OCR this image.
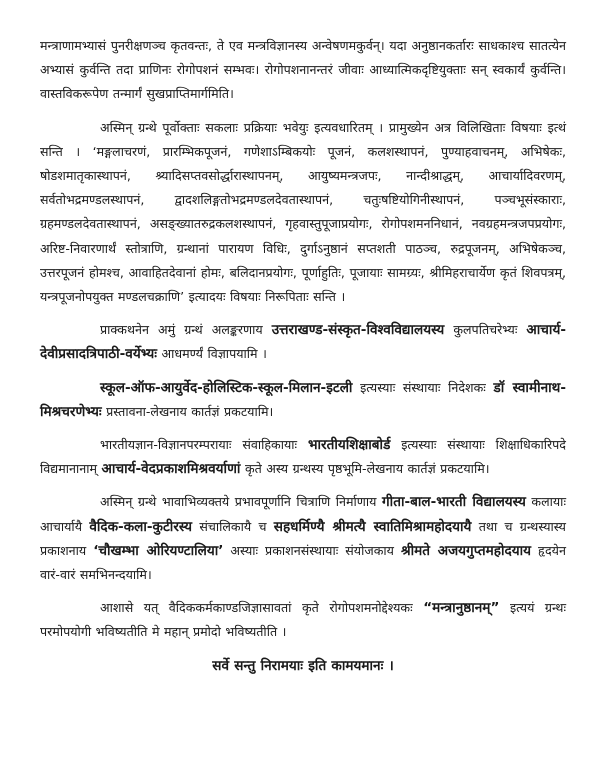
मन्त्राणामभ्यासं पुनरीक्षणञ्च कृतवन्तः, ते एव मन्त्रविज्ञानस्य अन्वेषणमकुर्वन्। यदा अनुष्ठानकर्तारः साधकाश्च सातत्येन अभ्यासं कुर्वन्ति तदा प्राणिनः रोगोपशनं सम्भवः। रोगोपशनानन्तरं जीवाः आध्यात्मिकदृष्टियुक्ताः सन् स्वकार्यं कुर्वन्ति। वास्तविकरूपेण तन्मार्गं सुखप्राप्तिमार्गमिति।

अस्मिन् ग्रन्थे पूर्वोक्ताः सकलाः प्रक्रियाः भवेयुः इत्यवधारितम् । प्रामुख्येन अत्र विलिखिताः विषयाः इत्थं सन्ति । ‘मङ्गलाचरणं, प्रारम्भिकपूजनं, गणेशाऽम्बिकयोः पूजनं, कलशस्थापनं, पुण्याहवाचनम्, अभिषेकः, षोडशमातृकास्थापनं, श्र्यादिसप्तवसोर्द्धारास्थापनम्, आयुष्यमन्त्रजपः, नान्दीश्राद्धम्, आचार्यादिवरणम्, सर्वतोभद्रमण्डलस्थापनं, द्वादशलिङ्गतोभद्रमण्डलदेवतास्थापनं, चतुःषष्टियोगिनीस्थापनं, पञ्चभूसंस्काराः, ग्रहमण्डलदेवतास्थापनं, असङ्ख्यातरुद्रकलशस्थापनं, गृहवास्तुपूजाप्रयोगः, रोगोपशमननिधानं, नवग्रहमन्त्रजपप्रयोगः, अरिष्ट-निवारणार्थं स्तोत्राणि, ग्रन्थानां पारायण विधिः, दुर्गाऽनुष्ठानं सप्तशती पाठञ्च, रुद्रपूजनम्, अभिषेकञ्च, उत्तरपूजनं होमश्च, आवाहितदेवानां होमः, बलिदानप्रयोगः, पूर्णाहुतिः, पूजायाः सामग्र्यः, श्रीमिहराचार्येण कृतं शिवपत्रम्, यन्त्रपूजनोपयुक्त मण्डलचक्राणि’ इत्यादयः विषयाः निरूपिताः सन्ति ।

प्राक्कथनेन अमुं ग्रन्थं अलङ्करणाय उत्तराखण्ड-संस्कृत-विश्वविद्यालयस्य कुलपतिचरेभ्यः आचार्य-देवीप्रसादत्रिपाठी-वर्येभ्यः आधमर्ण्यं विज्ञापयामि ।

स्कूल-ऑफ-आयुर्वेद-होलिस्टिक-स्कूल-मिलान-इटली इत्यस्याः संस्थायाः निदेशकः डॉ स्वामीनाथ- मिश्रचरणेभ्यः प्रस्तावना-लेखनाय कार्तज्ञं प्रकटयामि।

भारतीयज्ञान-विज्ञानपरम्परायाः संवाहिकायाः भारतीयशिक्षाबोर्ड इत्यस्याः संस्थायाः शिक्षाधिकारिपदे विद्यमानानाम् आचार्य-वेदप्रकाशमिश्रवर्याणां कृते अस्य ग्रन्थस्य पृष्ठभूमि-लेखनाय कार्तज्ञं प्रकटयामि।

अस्मिन् ग्रन्थे भावाभिव्यक्तये प्रभावपूर्णानि चित्राणि निर्माणाय गीता-बाल-भारती विद्यालयस्य कलायाः आचार्यायै वैदिक-कला-कुटीरस्य संचालिकायै च सहधर्मिण्यै श्रीमत्यै स्वातिमिश्रामहोदयायै तथा च ग्रन्थस्यास्य प्रकाशनाय ‘चौखम्भा ओरियण्टालिया’ अस्याः प्रकाशनसंस्थायाः संयोजकाय श्रीमते अजयगुप्तमहोदयाय हृदयेन वारं-वारं समभिनन्दयामि।

आशासे यत् वैदिककर्मकाण्डजिज्ञासावतां कृते रोगोपशमनोद्देश्यकः “मन्त्रानुष्ठानम्” इत्ययं ग्रन्थः परमोपयोगी भविष्यतीति मे महान् प्रमोदो भविष्यतीति ।

सर्वे सन्तु निरामयाः इति कामयमानः ।
